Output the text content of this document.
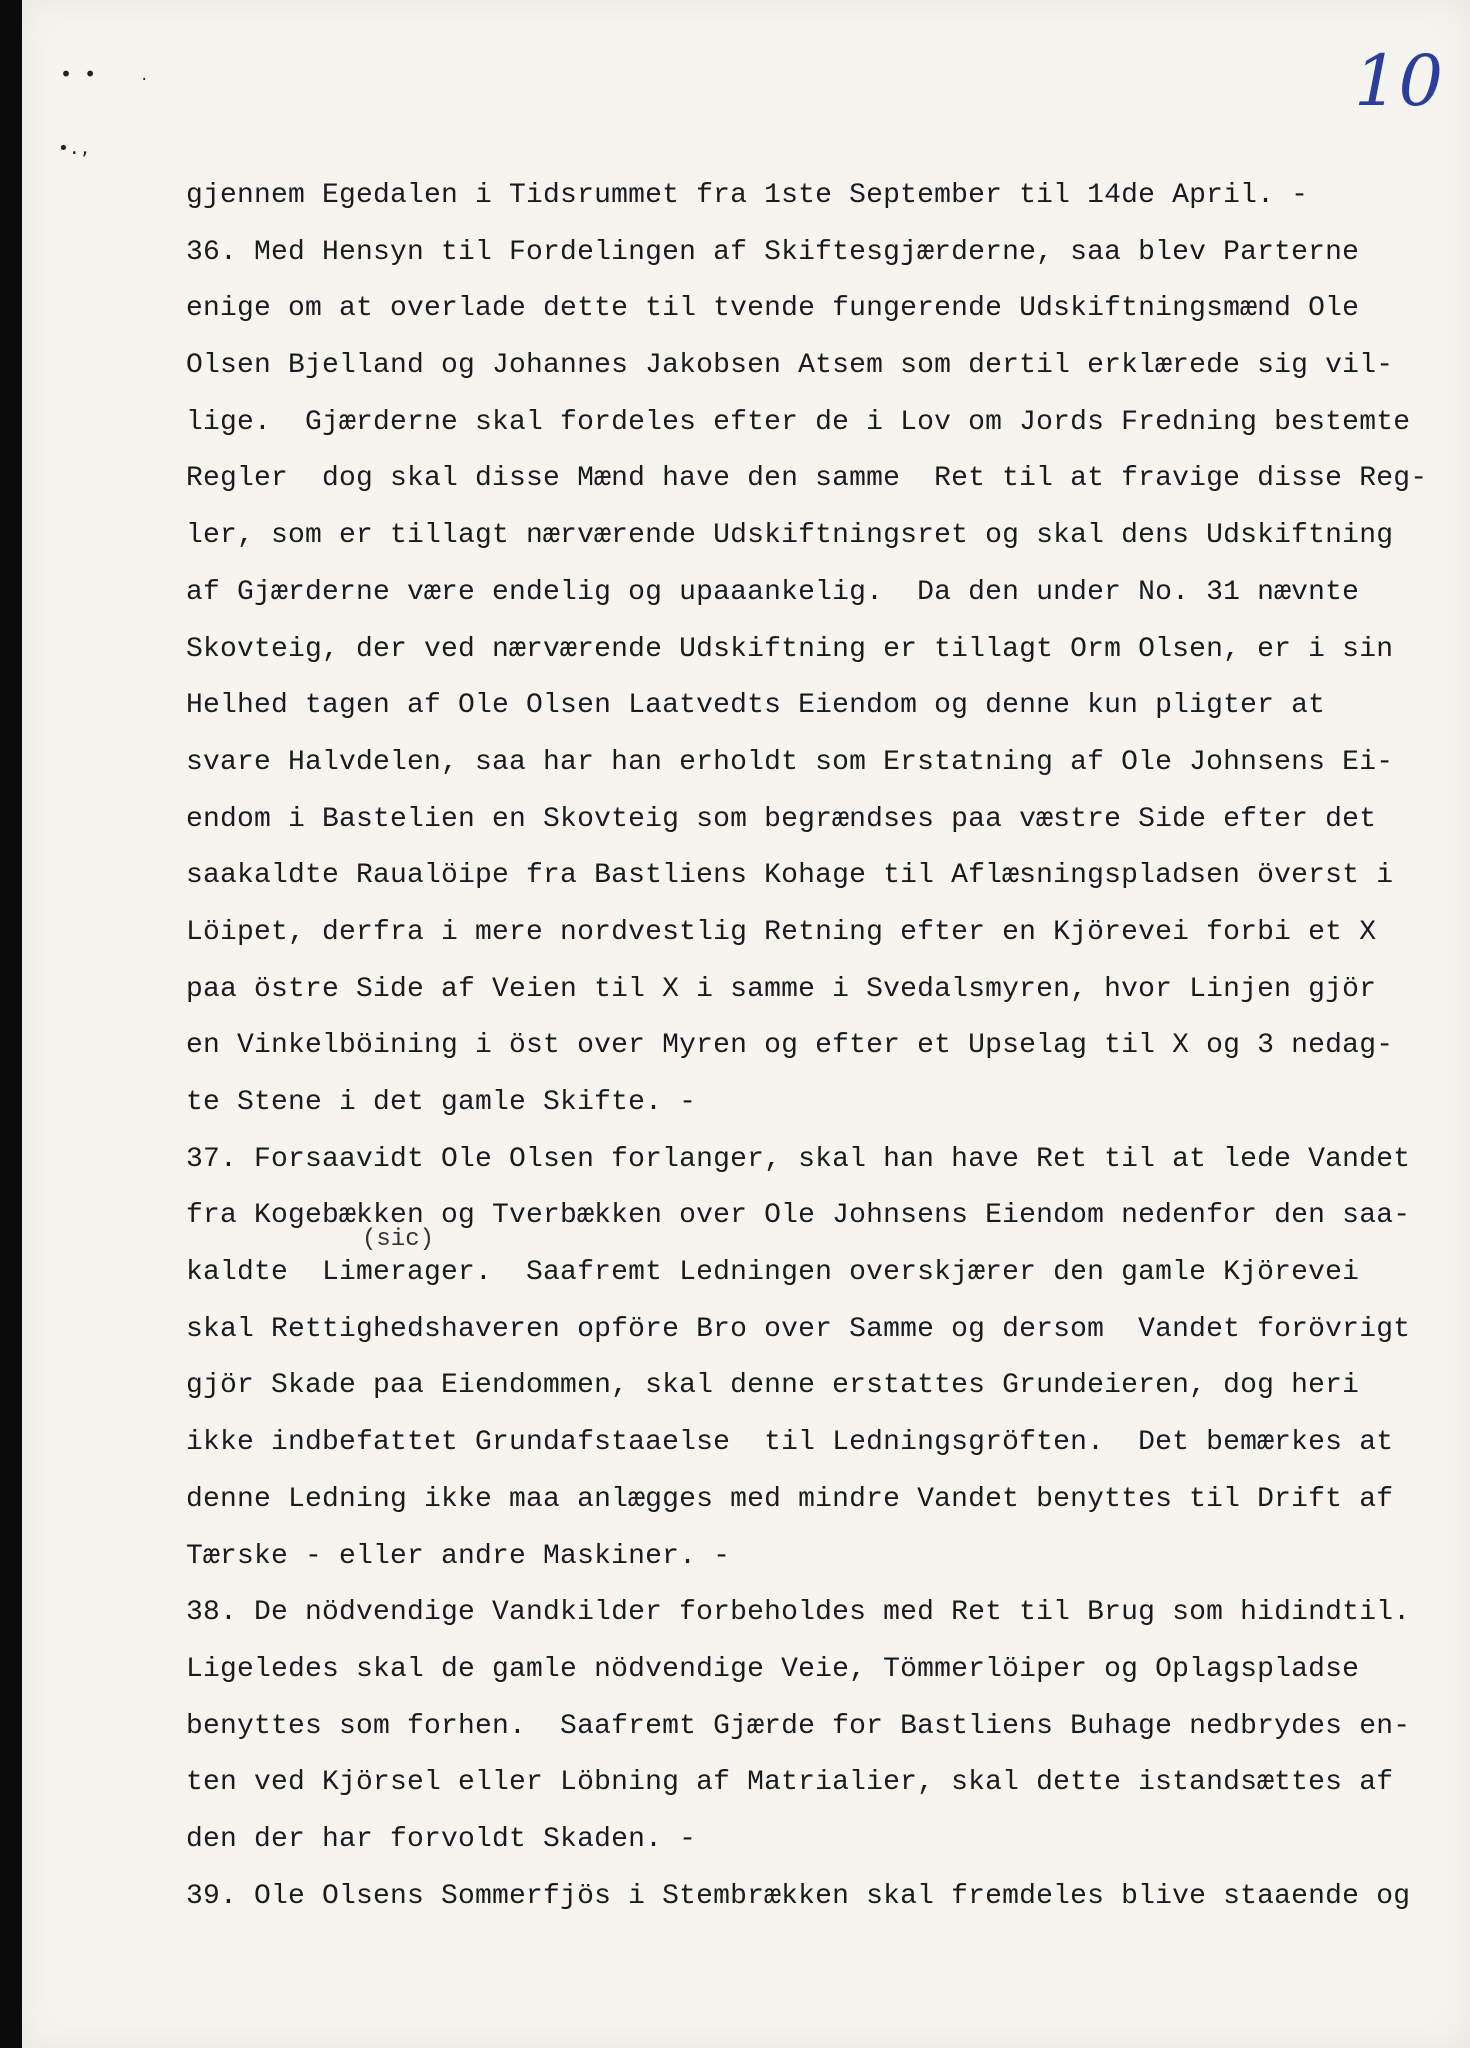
• •	·
•.,
10
(sic)
gjennem Egedalen i Tidsrummet fra 1ste September til 14de April. -
36. Med Hensyn til Fordelingen af Skiftesgjærderne, saa blev Parterne
enige om at overlade dette til tvende fungerende Udskiftningsmænd Ole
Olsen Bjelland og Johannes Jakobsen Atsem som dertil erklærede sig vil-
lige.  Gjærderne skal fordeles efter de i Lov om Jords Fredning bestemte
Regler  dog skal disse Mænd have den samme  Ret til at fravige disse Reg-
ler, som er tillagt nærværende Udskiftningsret og skal dens Udskiftning
af Gjærderne være endelig og upaaankelig.  Da den under No. 31 nævnte
Skovteig, der ved nærværende Udskiftning er tillagt Orm Olsen, er i sin
Helhed tagen af Ole Olsen Laatvedts Eiendom og denne kun pligter at
svare Halvdelen, saa har han erholdt som Erstatning af Ole Johnsens Ei-
endom i Bastelien en Skovteig som begrændses paa væstre Side efter det
saakaldte Raualöipe fra Bastliens Kohage til Aflæsningspladsen överst i
Löipet, derfra i mere nordvestlig Retning efter en Kjörevei forbi et X
paa östre Side af Veien til X i samme i Svedalsmyren, hvor Linjen gjör
en Vinkelböining i öst over Myren og efter et Upselag til X og 3 nedag-
te Stene i det gamle Skifte. -
37. Forsaavidt Ole Olsen forlanger, skal han have Ret til at lede Vandet
fra Kogebækken og Tverbækken over Ole Johnsens Eiendom nedenfor den saa-
kaldte  Limerager.  Saafremt Ledningen overskjærer den gamle Kjörevei
skal Rettighedshaveren opföre Bro over Samme og dersom  Vandet forövrigt
gjör Skade paa Eiendommen, skal denne erstattes Grundeieren, dog heri
ikke indbefattet Grundafstaaelse  til Ledningsgröften.  Det bemærkes at
denne Ledning ikke maa anlægges med mindre Vandet benyttes til Drift af
Tærske - eller andre Maskiner. -
38. De nödvendige Vandkilder forbeholdes med Ret til Brug som hidindtil.
Ligeledes skal de gamle nödvendige Veie, Tömmerlöiper og Oplagspladse
benyttes som forhen.  Saafremt Gjærde for Bastliens Buhage nedbrydes en-
ten ved Kjörsel eller Löbning af Matrialier, skal dette istandsættes af
den der har forvoldt Skaden. -
39. Ole Olsens Sommerfjös i Stembrækken skal fremdeles blive staaende og
